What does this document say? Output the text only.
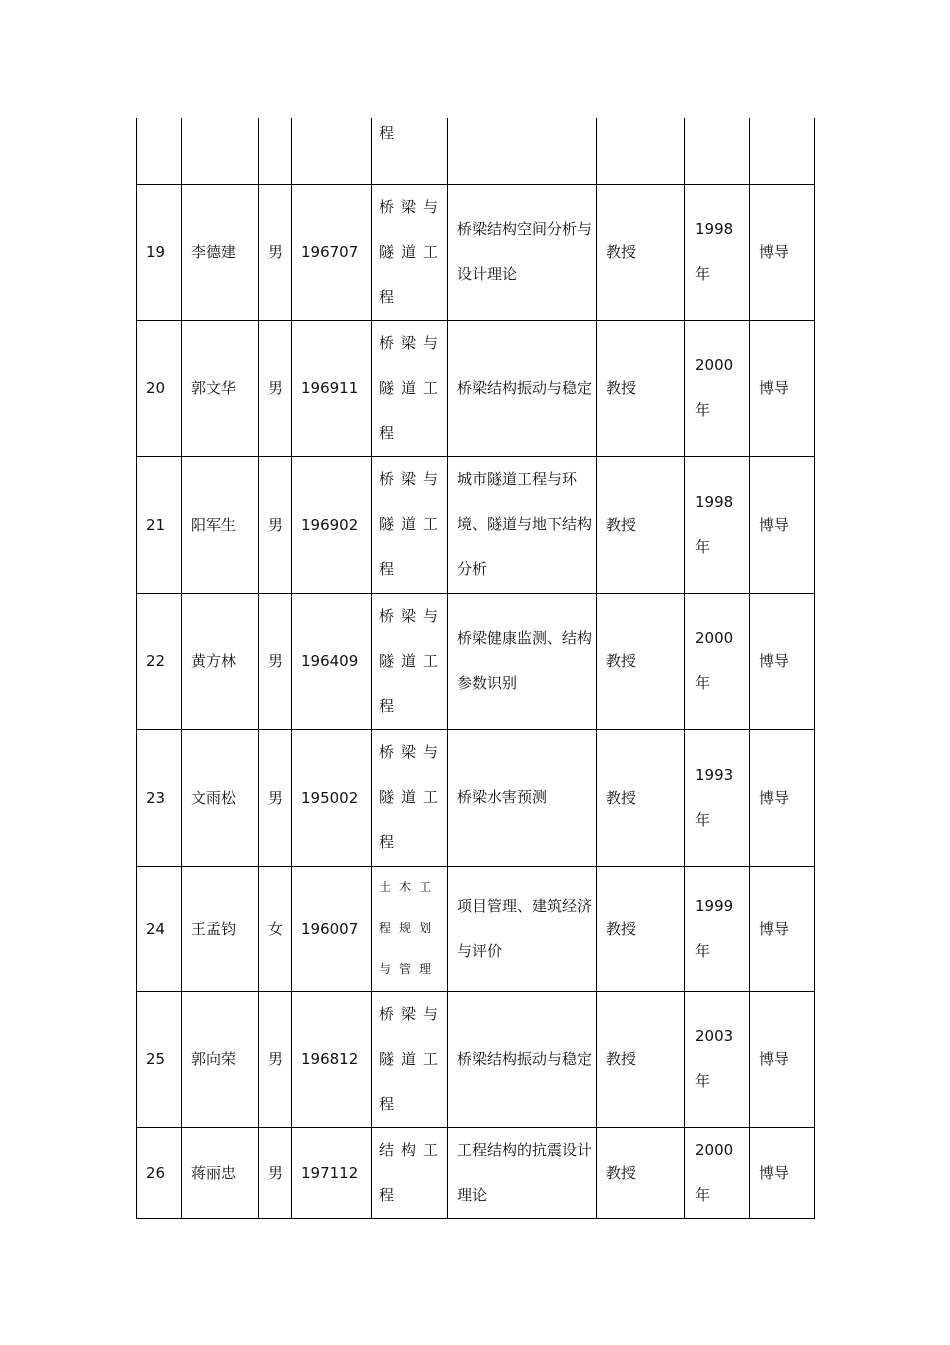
				程				

19	李德建	男	196707	桥梁与隧道工程	桥梁结构空间分析与设计理论	教授	1998年	博导

20	郭文华	男	196911	桥梁与隧道工程	桥梁结构振动与稳定	教授	2000年	博导

21	阳军生	男	196902	桥梁与隧道工程	城市隧道工程与环境、隧道与地下结构分析	教授	1998年	博导

22	黄方林	男	196409	桥梁与隧道工程	桥梁健康监测、结构参数识别	教授	2000年	博导

23	文雨松	男	195002	桥梁与隧道工程	桥梁水害预测	教授	1993年	博导

24	王孟钧	女	196007	土木工程规划与管理	项目管理、建筑经济与评价	教授	1999年	博导

25	郭向荣	男	196812	桥梁与隧道工程	桥梁结构振动与稳定	教授	2003年	博导

26	蒋丽忠	男	197112	结构工程	工程结构的抗震设计理论	教授	2000年	博导
